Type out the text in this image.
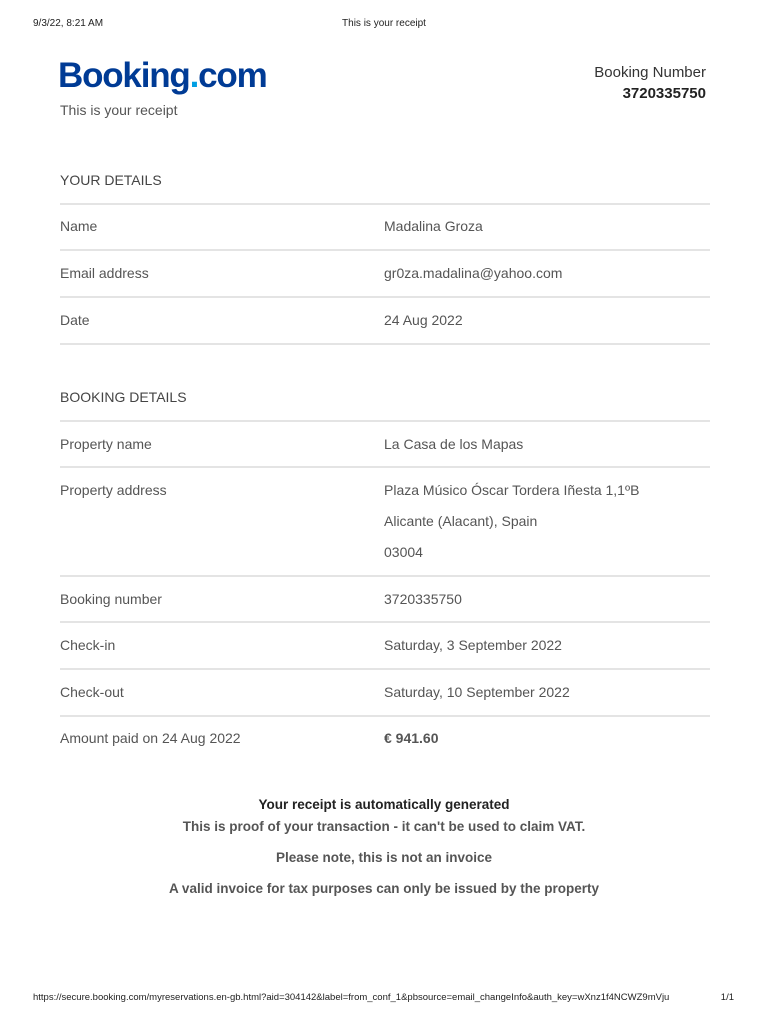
9/3/22, 8:21 AM	This is your receipt
Booking.com
This is your receipt
Booking Number
3720335750
YOUR DETAILS
Name	Madalina Groza
Email address	gr0za.madalina@yahoo.com
Date	24 Aug 2022
BOOKING DETAILS
Property name	La Casa de los Mapas
Property address	Plaza Músico Óscar Tordera Iñesta 1,1ºB
Alicante (Alacant), Spain
03004
Booking number	3720335750
Check-in	Saturday, 3 September 2022
Check-out	Saturday, 10 September 2022
Amount paid on 24 Aug 2022	€ 941.60
Your receipt is automatically generated
This is proof of your transaction - it can't be used to claim VAT.
Please note, this is not an invoice
A valid invoice for tax purposes can only be issued by the property
https://secure.booking.com/myreservations.en-gb.html?aid=304142&label=from_conf_1&pbsource=email_changeInfo&auth_key=wXnz1f4NCWZ9mVju	1/1
